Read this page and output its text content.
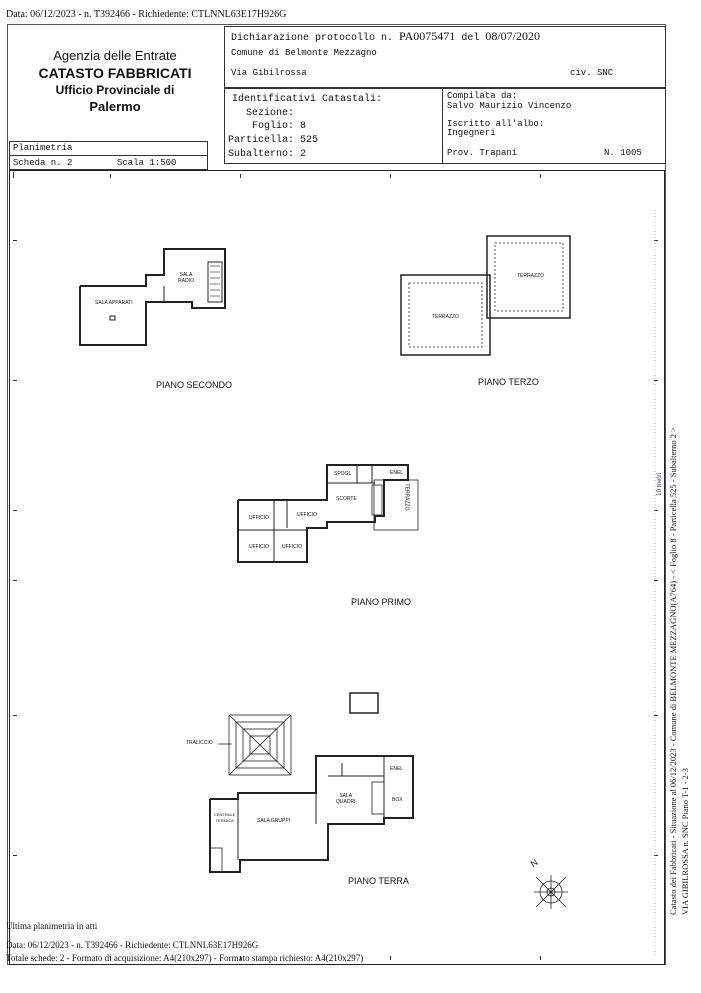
Data: 06/12/2023 - n. T392466 - Richiedente: CTLNNL63E17H926G
Agenzia delle Entrate
CATASTO FABBRICATI
Ufficio Provinciale di
Palermo
Dichiarazione protocollo n. PA0075471 del 08/07/2020
Comune di Belmonte Mezzagno
Via Gibilrossa	civ. SNC
Identificativi Catastali:
Sezione:
Foglio: 8
Particella: 525
Subalterno: 2
Compilata da:
Salvo Maurizio Vincenzo
Iscritto all'albo:
Ingegneri
Prov. Trapani	N. 1005
Planimetria
Scheda n. 2	Scala 1:500
PIANO SECONDO	PIANO TERZO
PIANO PRIMO
PIANO TERRA
SALA APPARATI
SALA
RADIO
TERRAZZO
TERRAZZO
TERRAZZO
UFFICIO	UFFICIO
UFFICIO	UFFICIO
SCORTE
SPOGL	ENEL
TRALICCIO
SALA
QUADRI
ENEL
BOX
CENTRALE
TERMICA	SALA GRUPPI
N	Catasto dei Fabbricati - Situazione al 06/12/2023 - Comune di BELMONTE MEZZAGNO(A764) - < Foglio 8 - Particella 525 - Subalterno 2 > VIA GIBILROSSA n. SNC Piano T-1 - 2-3
10 metri
Ultima planimetria in atti
Data: 06/12/2023 - n. T392466 - Richiedente: CTLNNL63E17H926G
Totale schede: 2 - Formato di acquisizione: A4(210x297) - Formato stampa richiesto: A4(210x297)
